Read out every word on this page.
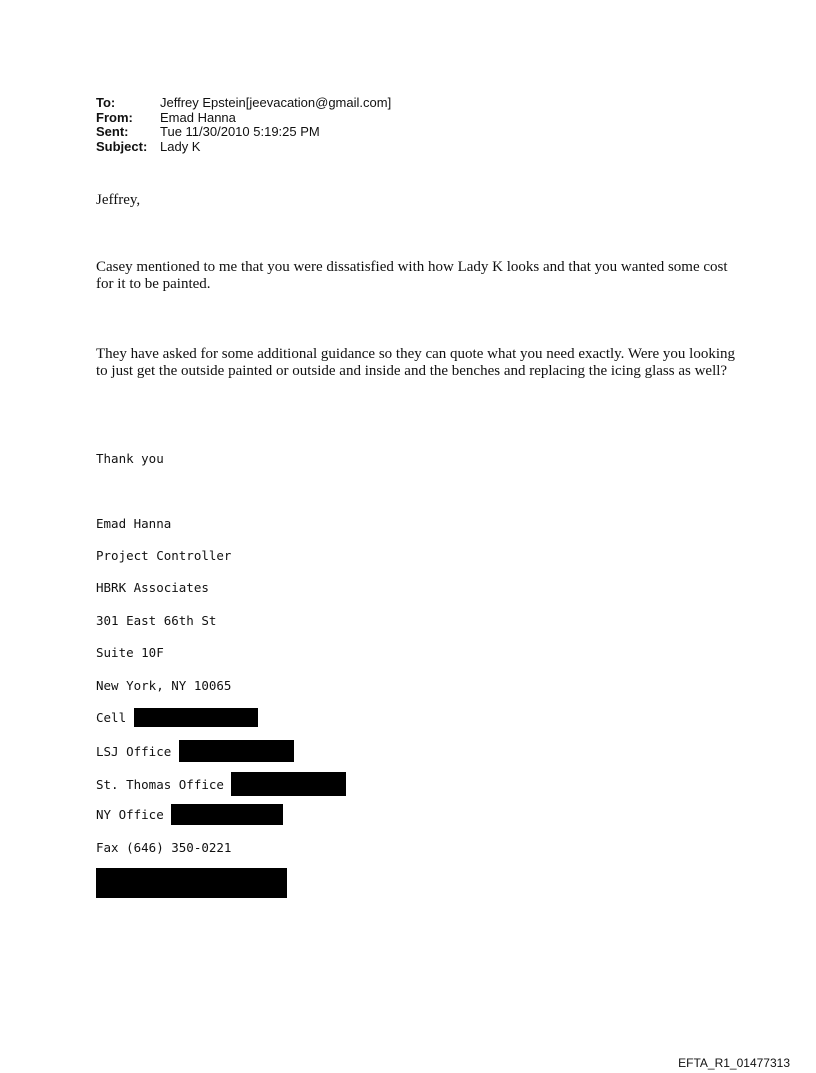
To:	Jeffrey Epstein[jeevacation@gmail.com]
From:	Emad Hanna
Sent:	Tue 11/30/2010 5:19:25 PM
Subject: Lady K
Jeffrey,
Casey mentioned to me that you were dissatisfied with how Lady K looks and that you wanted some cost for it to be painted.
They have asked for some additional guidance so they can quote what you need exactly. Were you looking to just get the outside painted or outside and inside and the benches and replacing the icing glass as well?
Thank you
Emad Hanna
Project Controller
HBRK Associates
301 East 66th St
Suite 10F
New York, NY 10065
Cell
LSJ Office
St. Thomas Office
NY Office
Fax (646) 350-0221
EFTA_R1_01477313
